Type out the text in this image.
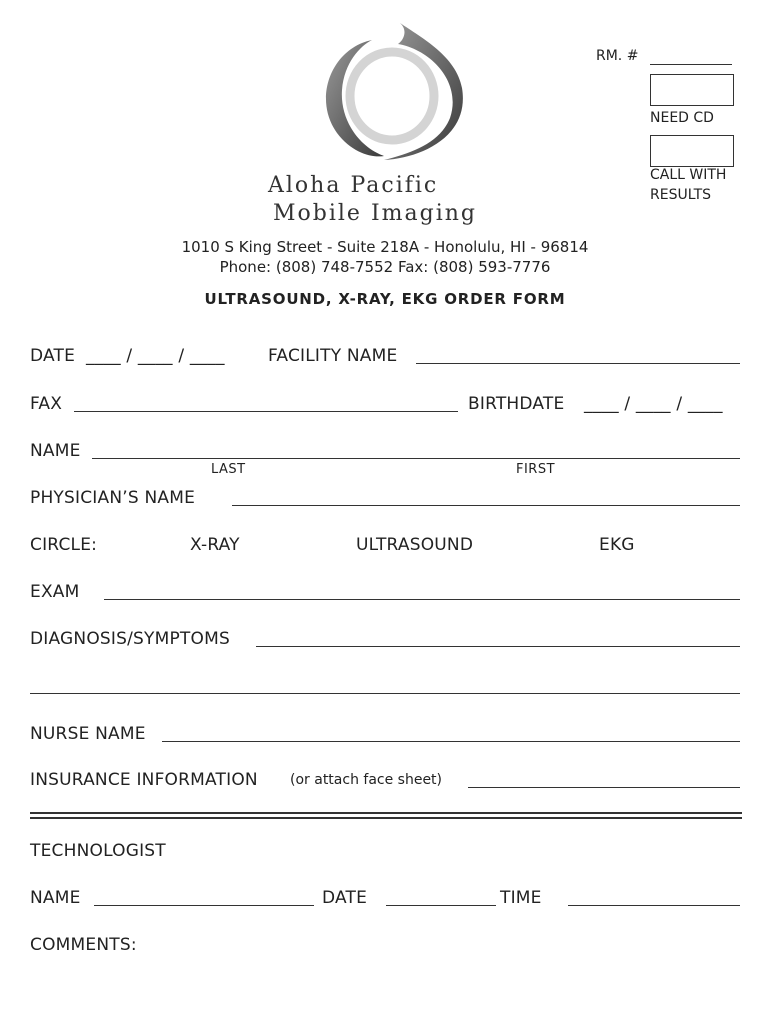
Aloha Pacific
Mobile Imaging
RM. #
NEED CD
CALL WITH
RESULTS
1010 S King Street - Suite 218A - Honolulu, HI - 96814
Phone: (808) 748-7552 Fax: (808) 593-7776
ULTRASOUND, X-RAY, EKG ORDER FORM
DATE ____ / ____ / ____	FACILITY NAME
FAX	BIRTHDATE ____ / ____ / ____
NAME
LAST	FIRST
PHYSICIAN’S NAME
CIRCLE:	X-RAY	ULTRASOUND	EKG
EXAM
DIAGNOSIS/SYMPTOMS
NURSE NAME
INSURANCE INFORMATION (or attach face sheet)
TECHNOLOGIST
NAME	DATE	TIME
COMMENTS:
